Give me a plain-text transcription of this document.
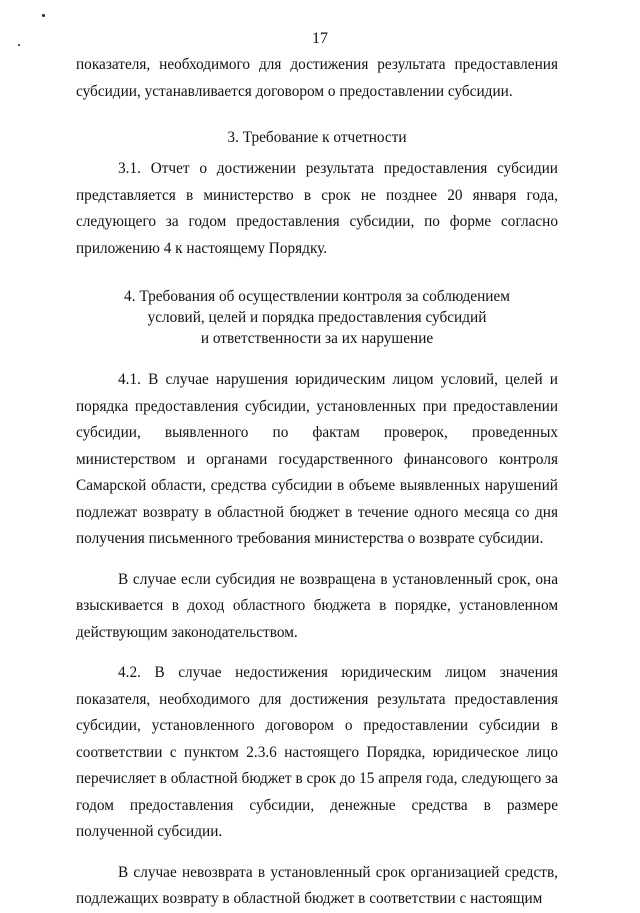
17

показателя, необходимого для достижения результата предоставления субсидии, устанавливается договором о предоставлении субсидии.

3. Требование к отчетности

3.1. Отчет о достижении результата предоставления субсидии представляется в министерство в срок не позднее 20 января года, следующего за годом предоставления субсидии, по форме согласно приложению 4 к настоящему Порядку.

4. Требования об осуществлении контроля за соблюдением
условий, целей и порядка предоставления субсидий
и ответственности за их нарушение

4.1. В случае нарушения юридическим лицом условий, целей и порядка предоставления субсидии, установленных при предоставлении субсидии, выявленного по фактам проверок, проведенных министерством и органами государственного финансового контроля Самарской области, средства субсидии в объеме выявленных нарушений подлежат возврату в областной бюджет в течение одного месяца со дня получения письменного требования министерства о возврате субсидии.

В случае если субсидия не возвращена в установленный срок, она взыскивается в доход областного бюджета в порядке, установленном действующим законодательством.

4.2. В случае недостижения юридическим лицом значения показателя, необходимого для достижения результата предоставления субсидии, установленного договором о предоставлении субсидии в соответствии с пунктом 2.3.6 настоящего Порядка, юридическое лицо перечисляет в областной бюджет в срок до 15 апреля года, следующего за годом предоставления субсидии, денежные средства в размере полученной субсидии.

В случае невозврата в установленный срок организацией средств, подлежащих возврату в областной бюджет в соответствии с настоящим
